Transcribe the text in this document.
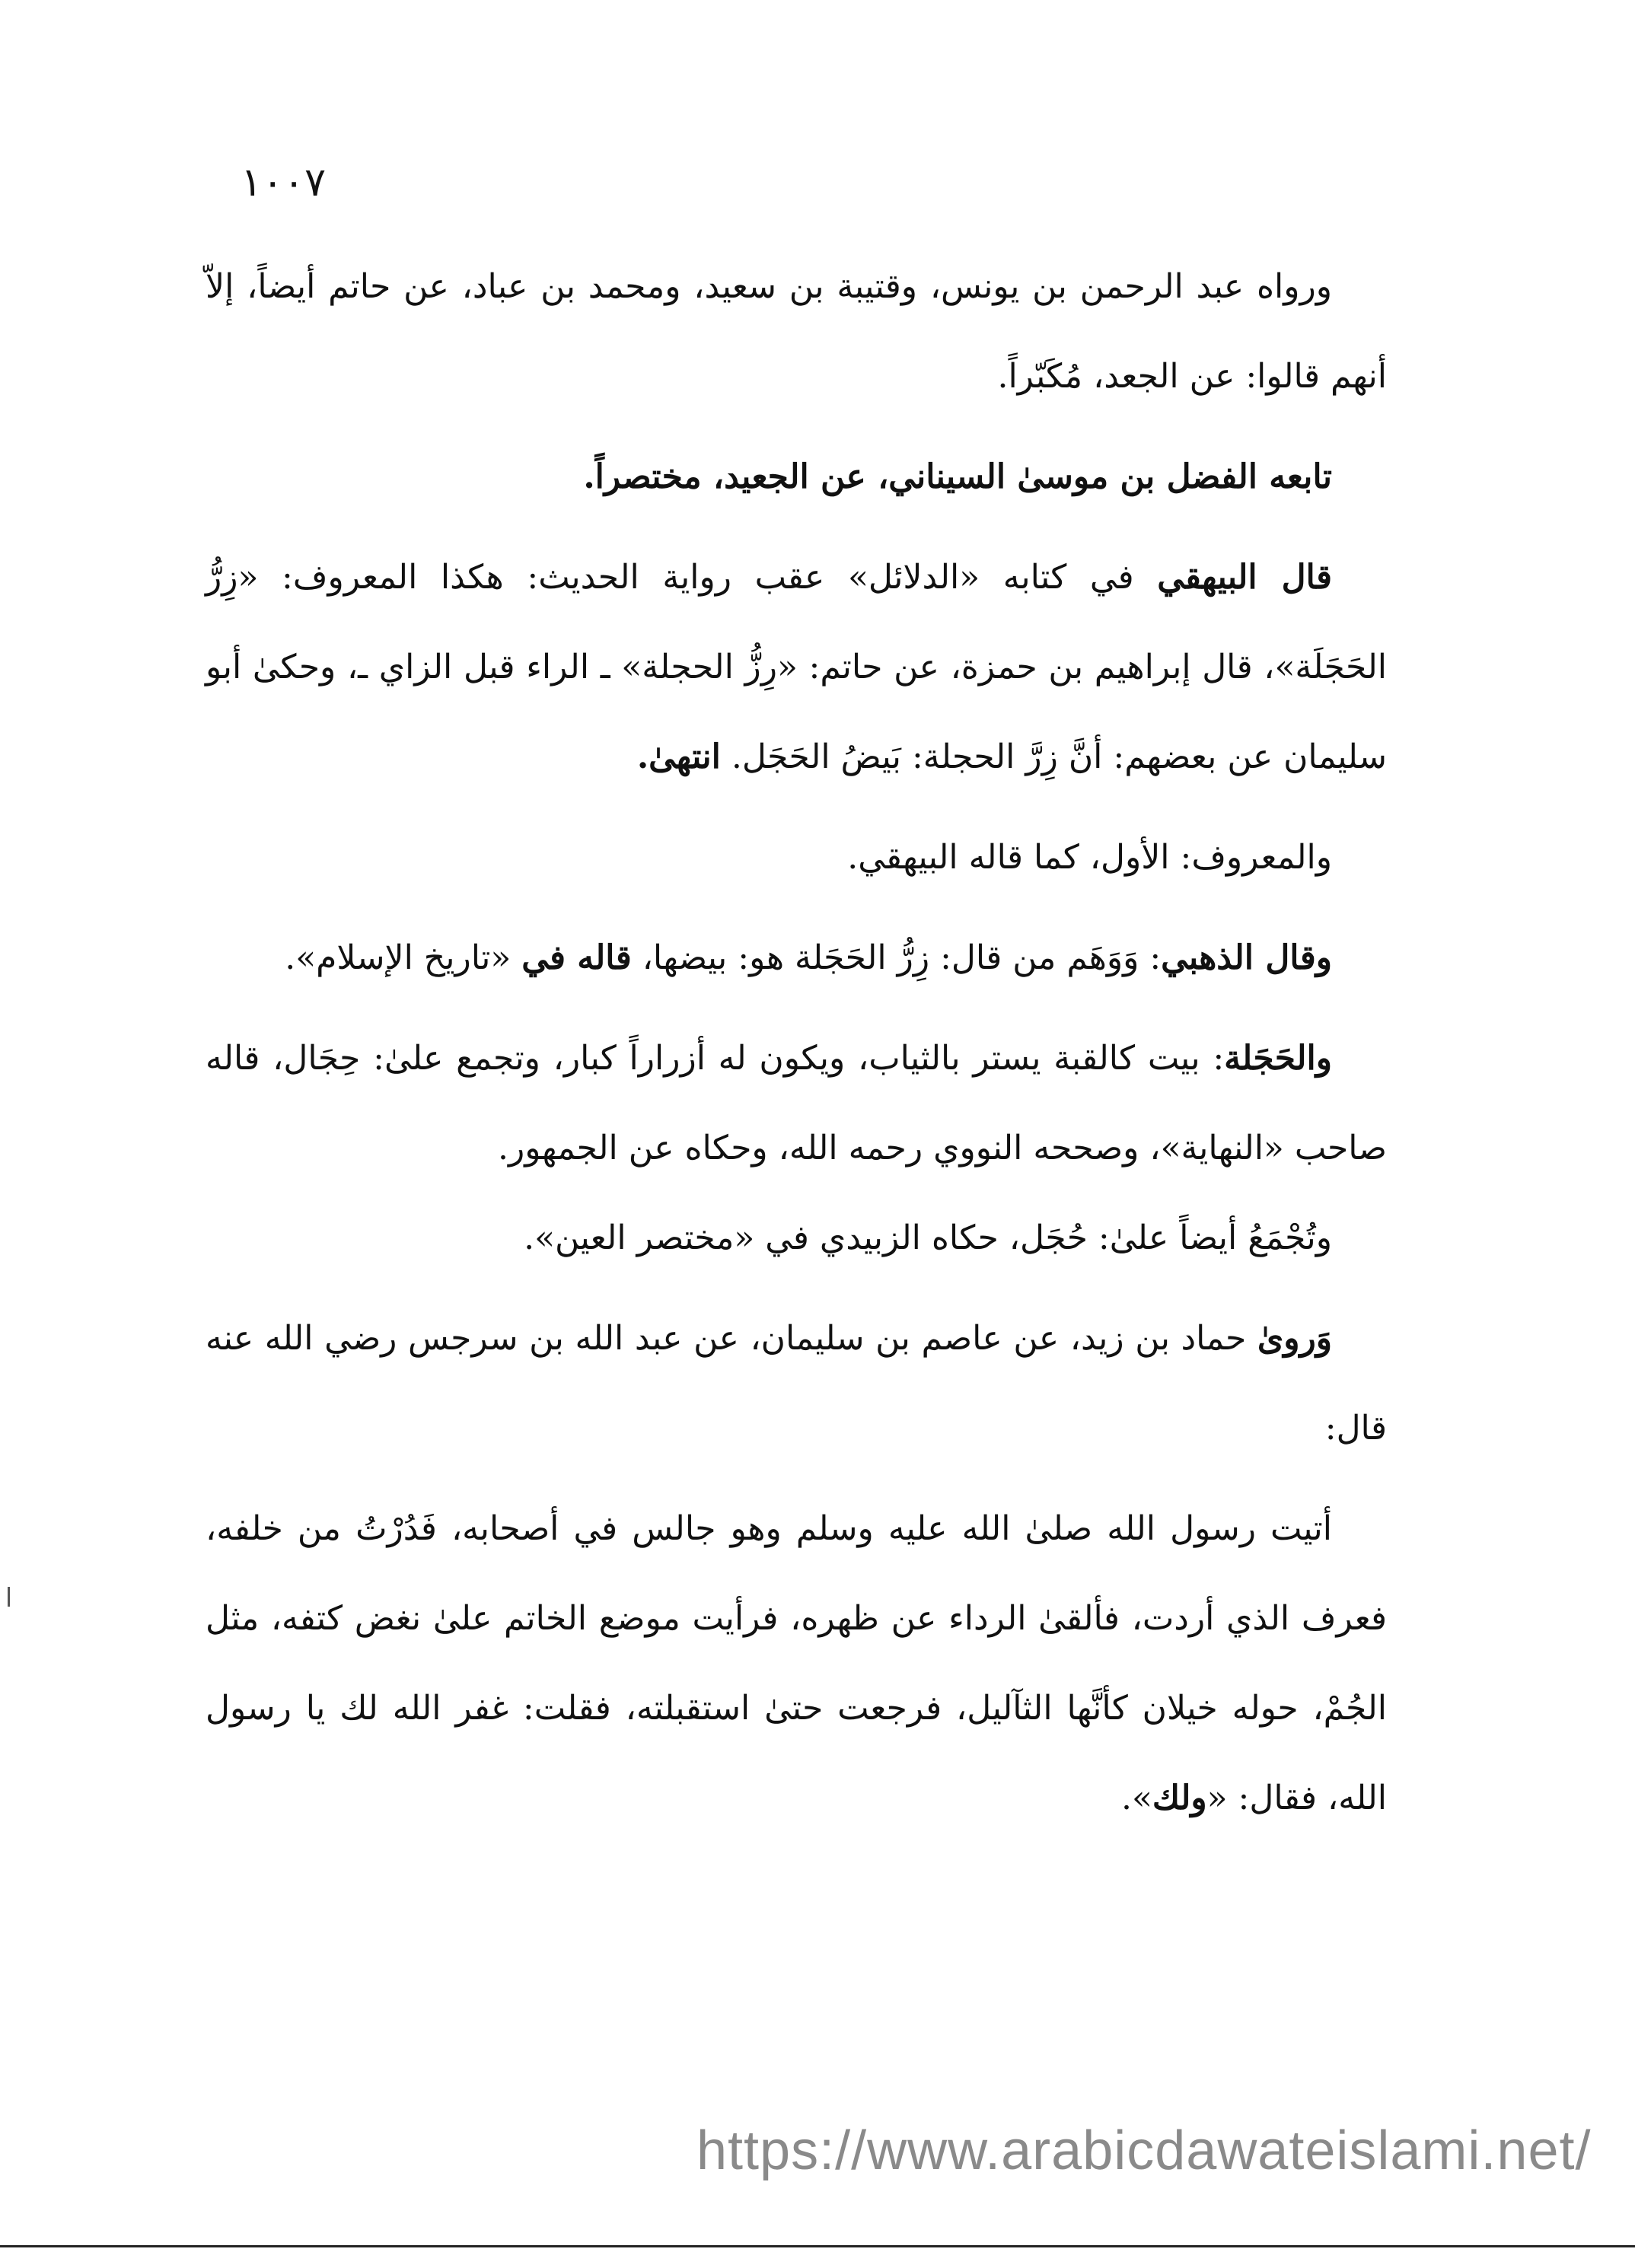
١٠٠٧

ورواه عبد الرحمن بن يونس، وقتيبة بن سعيد، ومحمد بن عباد، عن حاتم أيضاً، إلاّ أنهم قالوا: عن الجعد، مُكَبّراً.

تابعه الفضل بن موسىٰ السيناني، عن الجعيد، مختصراً.

قال البيهقي في كتابه «الدلائل» عقب رواية الحديث: هكذا المعروف: «زِرُّ الحَجَلَة»، قال إبراهيم بن حمزة، عن حاتم: «رِزُّ الحجلة» ـ الراء قبل الزاي ـ، وحكىٰ أبو سليمان عن بعضهم: أنَّ زِرَّ الحجلة: بَيضُ الحَجَل. انتهىٰ.

والمعروف: الأول، كما قاله البيهقي.

وقال الذهبي: وَوَهَم من قال: زِرُّ الحَجَلة هو: بيضها، قاله في «تاريخ الإسلام».

والحَجَلة: بيت كالقبة يستر بالثياب، ويكون له أزراراً كبار، وتجمع علىٰ: حِجَال، قاله صاحب «النهاية»، وصححه النووي رحمه الله، وحكاه عن الجمهور.

وتُجْمَعُ أيضاً علىٰ: حُجَل، حكاه الزبيدي في «مختصر العين».

وَروىٰ حماد بن زيد، عن عاصم بن سليمان، عن عبد الله بن سرجس رضي الله عنه قال:

أتيت رسول الله صلىٰ الله عليه وسلم وهو جالس في أصحابه، فَدُرْتُ من خلفه، فعرف الذي أردت، فألقىٰ الرداء عن ظهره، فرأيت موضع الخاتم علىٰ نغض كتفه، مثل الجُمْ، حوله خيلان كأنَّها الثآليل، فرجعت حتىٰ استقبلته، فقلت: غفر الله لك يا رسول الله، فقال: «ولك».

https://www.arabicdawateislami.net/
